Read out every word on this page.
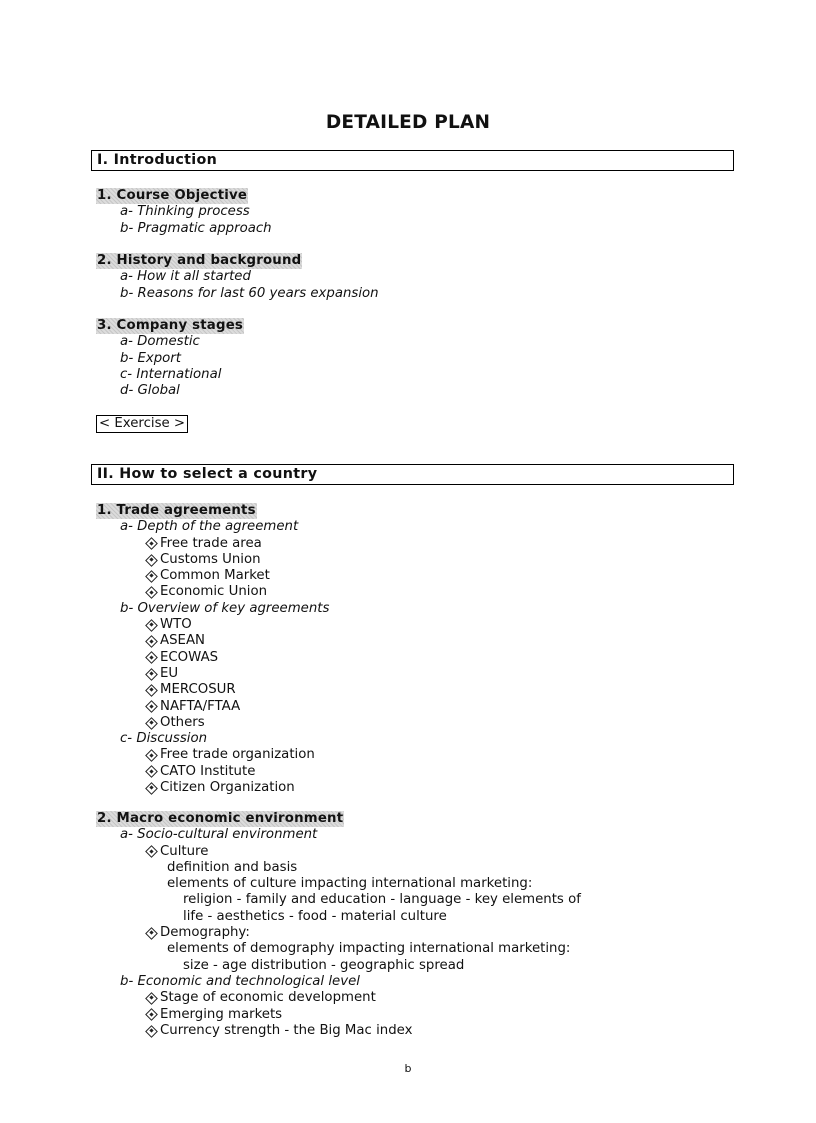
DETAILED PLAN
I. Introduction
1. Course Objective
a- Thinking process
b- Pragmatic approach
2. History and background
a- How it all started
b- Reasons for last 60 years expansion
3. Company stages
a- Domestic
b- Export
c- International
d- Global
< Exercise >
II. How to select a country
1. Trade agreements
a- Depth of the agreement
Free trade area
Customs Union
Common Market
Economic Union
b- Overview of key agreements
WTO
ASEAN
ECOWAS
EU
MERCOSUR
NAFTA/FTAA
Others
c- Discussion
Free trade organization
CATO Institute
Citizen Organization
2. Macro economic environment
a- Socio-cultural environment
Culture
definition and basis
elements of culture impacting international marketing:
religion - family and education - language - key elements of
life - aesthetics - food - material culture
Demography:
elements of demography impacting international marketing:
size - age distribution - geographic spread
b- Economic and technological level
Stage of economic development
Emerging markets
Currency strength - the Big Mac index
b
